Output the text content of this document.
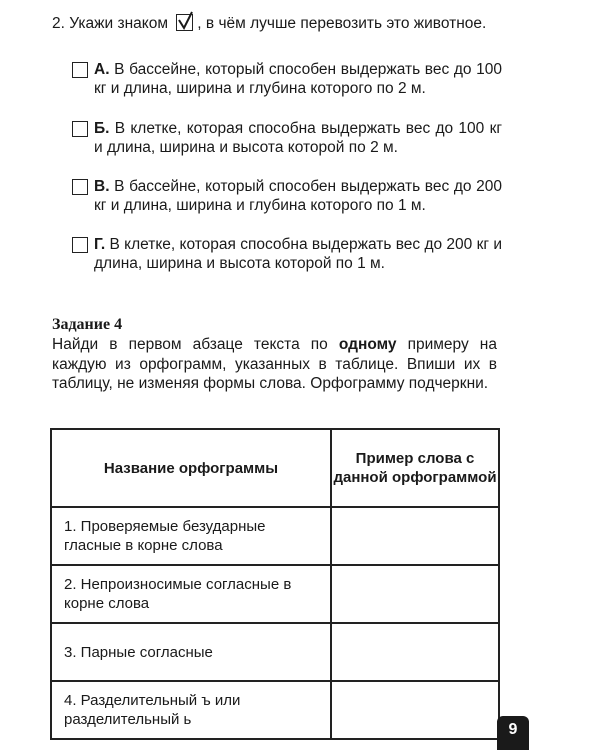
2. Укажи знаком , в чём лучше перевозить это животное.
А. В бассейне, который способен выдержать вес до 100 кг и длина, ширина и глубина которого по 2 м.
Б. В клетке, которая способна выдержать вес до 100 кг и длина, ширина и высота которой по 2 м.
В. В бассейне, который способен выдержать вес до 200 кг и длина, ширина и глубина которого по 1 м.
Г. В клетке, которая способна выдержать вес до 200 кг и длина, ширина и высота которой по 1 м.
Задание 4
Найди в первом абзаце текста по одному примеру на каждую из орфограмм, указанных в таблице. Впиши их в таблицу, не изменяя формы слова. Орфограмму подчеркни.
Название орфограммы	Пример слова с данной орфограммой
1. Проверяемые безударные гласные в корне слова	
2. Непроизносимые согласные в корне слова	
3. Парные согласные	
4. Разделительный ъ или разделительный ь	
9
